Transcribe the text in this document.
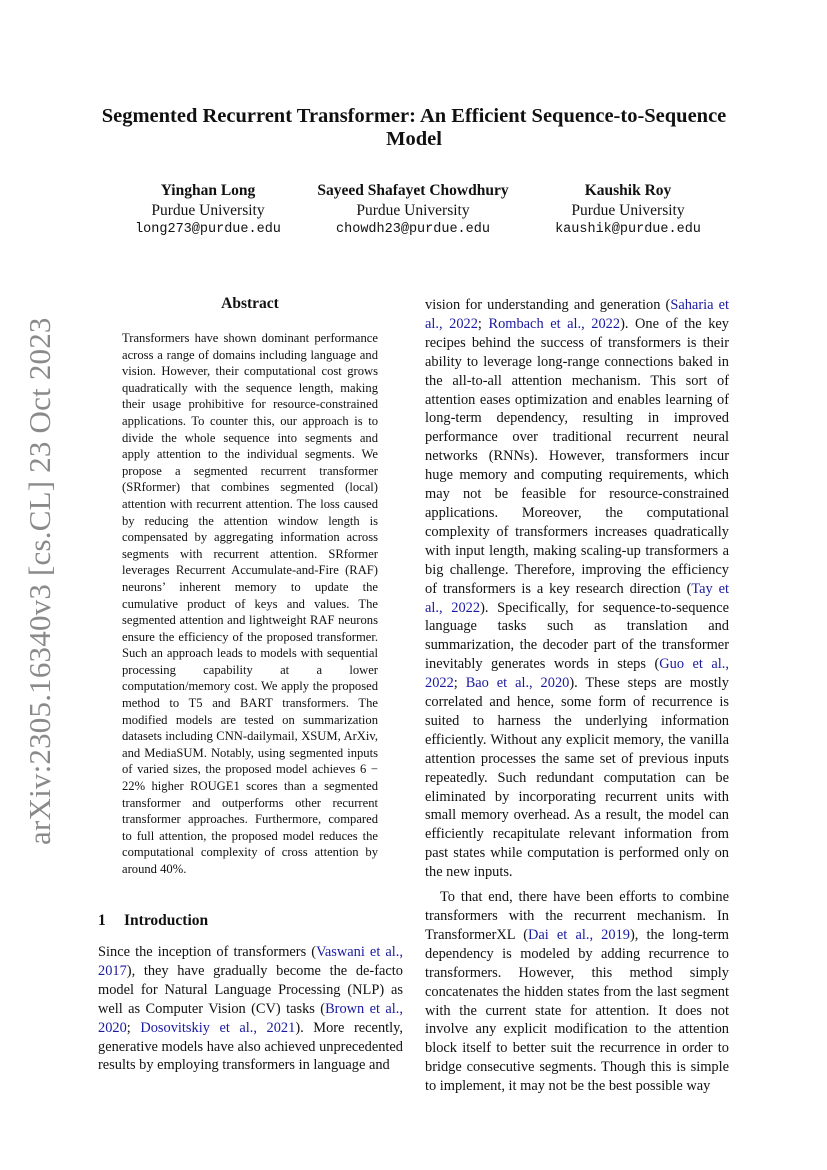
arXiv:2305.16340v3 [cs.CL] 23 Oct 2023
Segmented Recurrent Transformer: An Efficient Sequence-to-Sequence Model
Yinghan Long
Purdue University
long273@purdue.edu
Sayeed Shafayet Chowdhury
Purdue University
chowdh23@purdue.edu
Kaushik Roy
Purdue University
kaushik@purdue.edu
Abstract
Transformers have shown dominant performance across a range of domains including language and vision. However, their computational cost grows quadratically with the sequence length, making their usage prohibitive for resource-constrained applications. To counter this, our approach is to divide the whole sequence into segments and apply attention to the individual segments. We propose a segmented recurrent transformer (SRformer) that combines segmented (local) attention with recurrent attention. The loss caused by reducing the attention window length is compensated by aggregating information across segments with recurrent attention. SRformer leverages Recurrent Accumulate-and-Fire (RAF) neurons’ inherent memory to update the cumulative product of keys and values. The segmented attention and lightweight RAF neurons ensure the efficiency of the proposed transformer. Such an approach leads to models with sequential processing capability at a lower computation/memory cost. We apply the proposed method to T5 and BART transformers. The modified models are tested on summarization datasets including CNN-dailymail, XSUM, ArXiv, and MediaSUM. Notably, using segmented inputs of varied sizes, the proposed model achieves 6 − 22% higher ROUGE1 scores than a segmented transformer and outperforms other recurrent transformer approaches. Furthermore, compared to full attention, the proposed model reduces the computational complexity of cross attention by around 40%.
1 Introduction

Since the inception of transformers (Vaswani et al., 2017), they have gradually become the de-facto model for Natural Language Processing (NLP) as well as Computer Vision (CV) tasks (Brown et al., 2020; Dosovitskiy et al., 2021). More recently, generative models have also achieved unprecedented results by employing transformers in language and

vision for understanding and generation (Saharia et al., 2022; Rombach et al., 2022). One of the key recipes behind the success of transformers is their ability to leverage long-range connections baked in the all-to-all attention mechanism. This sort of attention eases optimization and enables learning of long-term dependency, resulting in improved performance over traditional recurrent neural networks (RNNs). However, transformers incur huge memory and computing requirements, which may not be feasible for resource-constrained applications. Moreover, the computational complexity of transformers increases quadratically with input length, making scaling-up transformers a big challenge. Therefore, improving the efficiency of transformers is a key research direction (Tay et al., 2022). Specifically, for sequence-to-sequence language tasks such as translation and summarization, the decoder part of the transformer inevitably generates words in steps (Guo et al., 2022; Bao et al., 2020). These steps are mostly correlated and hence, some form of recurrence is suited to harness the underlying information efficiently. Without any explicit memory, the vanilla attention processes the same set of previous inputs repeatedly. Such redundant computation can be eliminated by incorporating recurrent units with small memory overhead. As a result, the model can efficiently recapitulate relevant information from past states while computation is performed only on the new inputs.

To that end, there have been efforts to combine transformers with the recurrent mechanism. In TransformerXL (Dai et al., 2019), the long-term dependency is modeled by adding recurrence to transformers. However, this method simply concatenates the hidden states from the last segment with the current state for attention. It does not involve any explicit modification to the attention block itself to better suit the recurrence in order to bridge consecutive segments. Though this is simple to implement, it may not be the best possible way
